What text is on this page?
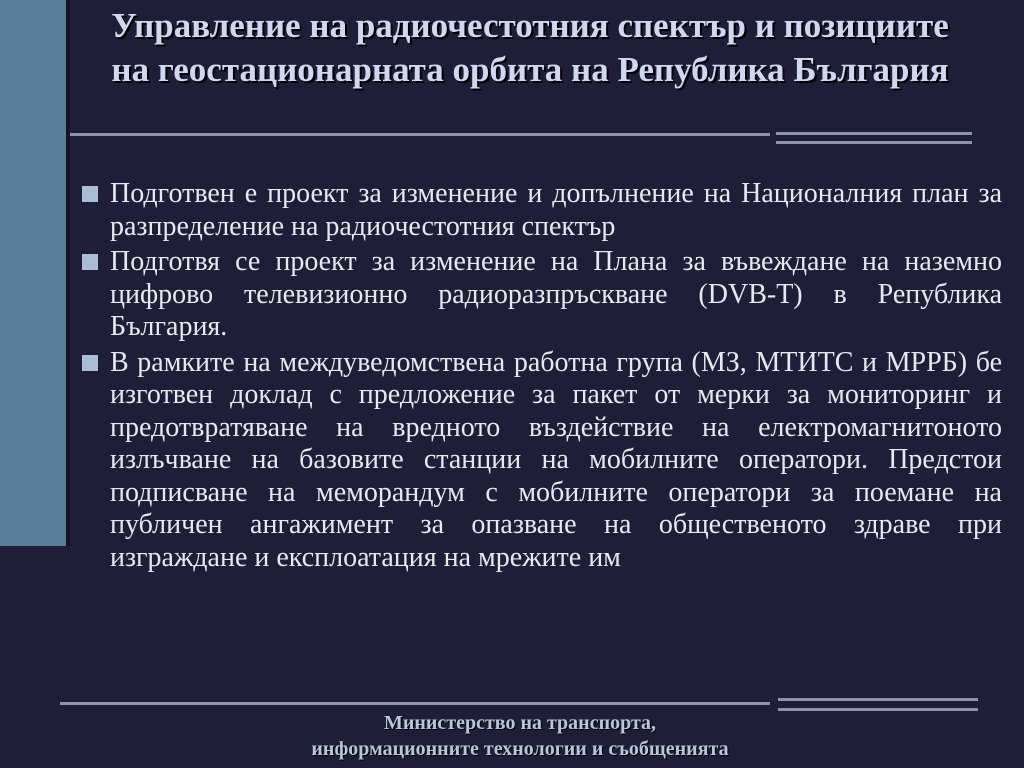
Управление на радиочестотния спектър и позициите на геостационарната орбита на Република България
Подготвен е проект за изменение и допълнение на Националния план за разпределение на радиочестотния спектър
Подготвя се проект за изменение на Плана за въвеждане на наземно цифрово телевизионно радиоразпръскване (DVB-T) в Република България.
В рамките на междуведомствена работна група (МЗ, МТИТС и МРРБ) бе изготвен доклад с предложение за пакет от мерки за мониторинг и предотвратяване на вредното въздействие на електромагнитоното излъчване на базовите станции на мобилните оператори. Предстои подписване на меморандум с мобилните оператори за поемане на публичен ангажимент за опазване на общественото здраве при изграждане и експлоатация на мрежите им
Министерство на транспорта,
информационните технологии и съобщенията
